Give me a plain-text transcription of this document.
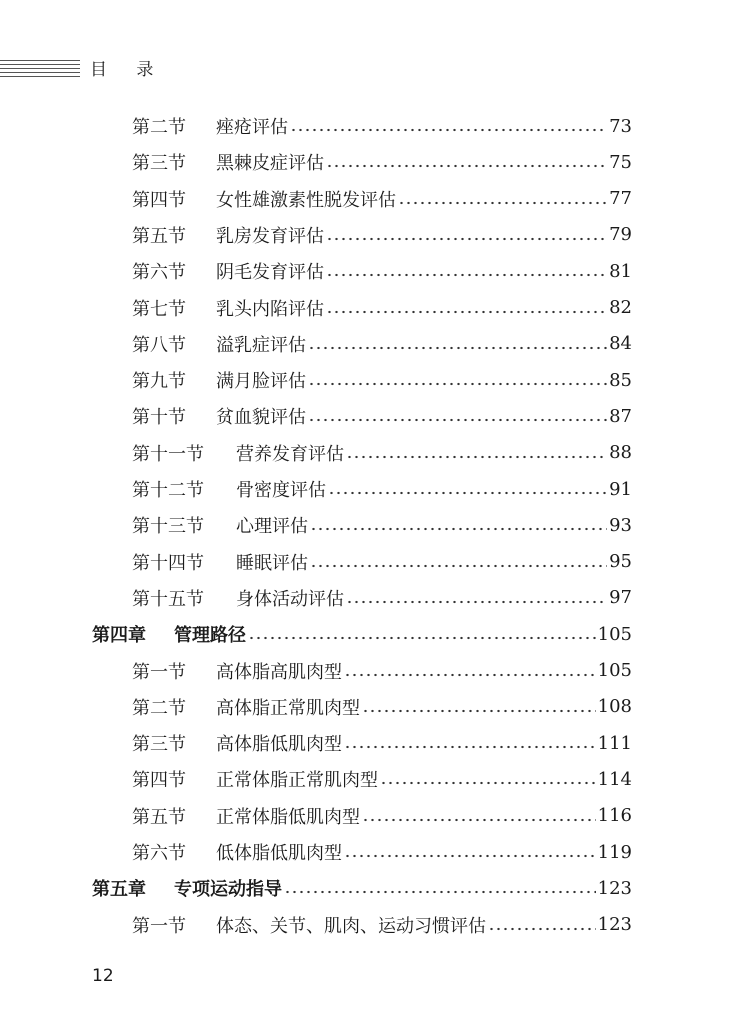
目 录
第二节	痤疮评估	73
第三节	黑棘皮症评估	75
第四节	女性雄激素性脱发评估	77
第五节	乳房发育评估	79
第六节	阴毛发育评估	81
第七节	乳头内陷评估	82
第八节	溢乳症评估	84
第九节	满月脸评估	85
第十节	贫血貌评估	87
第十一节	营养发育评估	88
第十二节	骨密度评估	91
第十三节	心理评估	93
第十四节	睡眠评估	95
第十五节	身体活动评估	97
第四章	管理路径	105
第一节	高体脂高肌肉型	105
第二节	高体脂正常肌肉型	108
第三节	高体脂低肌肉型	111
第四节	正常体脂正常肌肉型	114
第五节	正常体脂低肌肉型	116
第六节	低体脂低肌肉型	119
第五章	专项运动指导	123
第一节	体态、关节、肌肉、运动习惯评估	123
12
